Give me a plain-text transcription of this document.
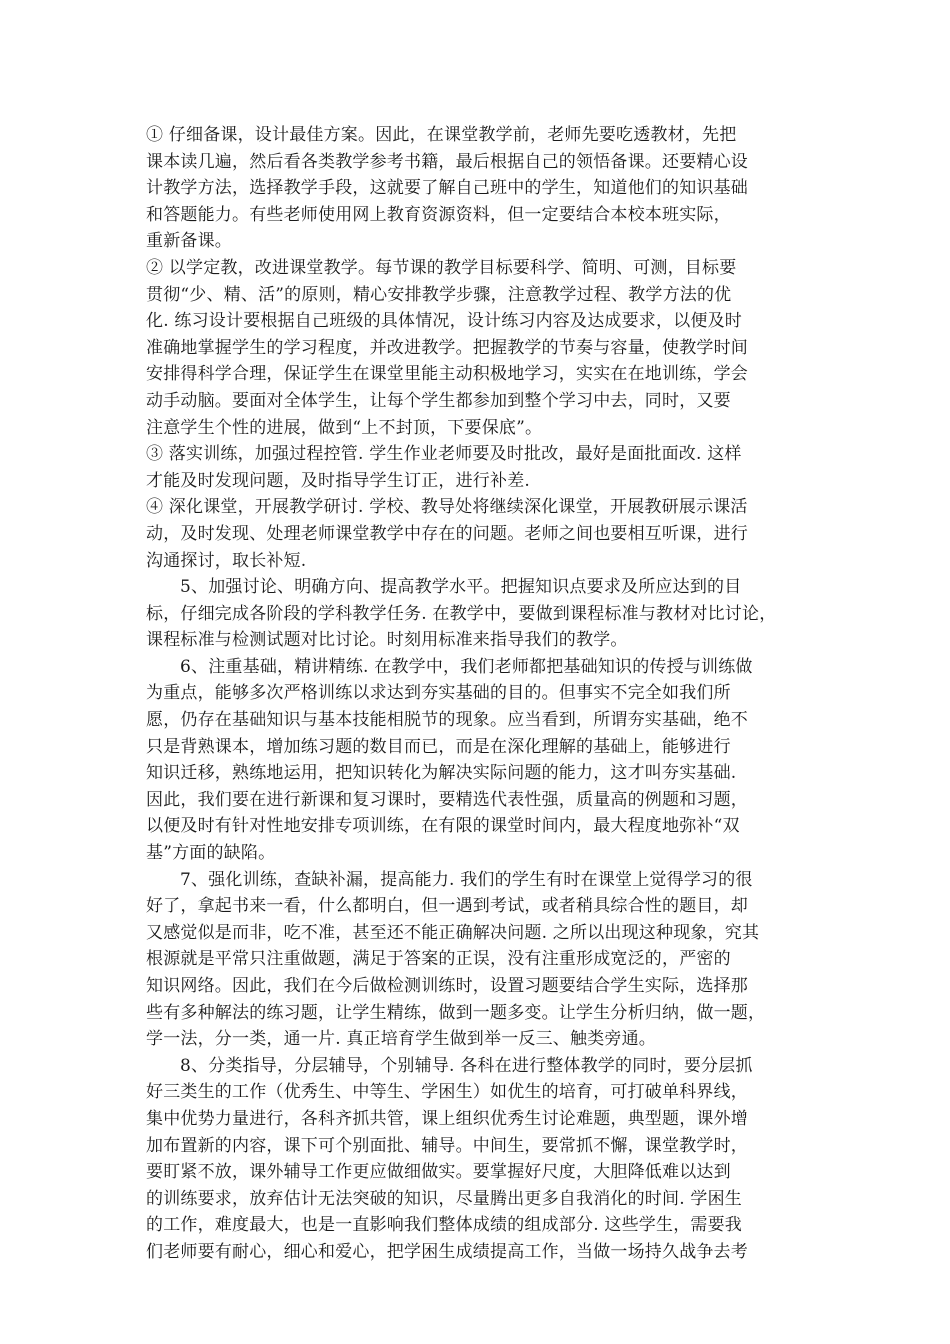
① 仔细备课，设计最佳方案。因此，在课堂教学前，老师先要吃透教材，先把
课本读几遍，然后看各类教学参考书籍，最后根据自己的领悟备课。还要精心设
计教学方法，选择教学手段，这就要了解自己班中的学生，知道他们的知识基础
和答题能力。有些老师使用网上教育资源资料，但一定要结合本校本班实际，
重新备课。
② 以学定教，改进课堂教学。每节课的教学目标要科学、简明、可测，目标要
贯彻“少、精、活”的原则，精心安排教学步骤，注意教学过程、教学方法的优
化. 练习设计要根据自己班级的具体情况，设计练习内容及达成要求，以便及时
准确地掌握学生的学习程度，并改进教学。把握教学的节奏与容量，使教学时间
安排得科学合理，保证学生在课堂里能主动积极地学习，实实在在地训练，学会
动手动脑。要面对全体学生，让每个学生都参加到整个学习中去，同时，又要
注意学生个性的进展，做到“上不封顶，下要保底”。
③ 落实训练，加强过程控管. 学生作业老师要及时批改，最好是面批面改. 这样
才能及时发现问题，及时指导学生订正，进行补差.
④ 深化课堂，开展教学研讨. 学校、教导处将继续深化课堂，开展教研展示课活
动，及时发现、处理老师课堂教学中存在的问题。老师之间也要相互听课，进行
沟通探讨，取长补短.
5、加强讨论、明确方向、提高教学水平。把握知识点要求及所应达到的目
标，仔细完成各阶段的学科教学任务. 在教学中，要做到课程标准与教材对比讨论，
课程标准与检测试题对比讨论。时刻用标准来指导我们的教学。
6、注重基础，精讲精练. 在教学中，我们老师都把基础知识的传授与训练做
为重点，能够多次严格训练以求达到夯实基础的目的。但事实不完全如我们所
愿，仍存在基础知识与基本技能相脱节的现象。应当看到，所谓夯实基础，绝不
只是背熟课本，增加练习题的数目而已，而是在深化理解的基础上，能够进行
知识迁移，熟练地运用，把知识转化为解决实际问题的能力，这才叫夯实基础.
因此，我们要在进行新课和复习课时，要精选代表性强，质量高的例题和习题，
以便及时有针对性地安排专项训练，在有限的课堂时间内，最大程度地弥补“双
基”方面的缺陷。
7、强化训练，查缺补漏，提高能力. 我们的学生有时在课堂上觉得学习的很
好了，拿起书来一看，什么都明白，但一遇到考试，或者稍具综合性的题目，却
又感觉似是而非，吃不准，甚至还不能正确解决问题. 之所以出现这种现象，究其
根源就是平常只注重做题，满足于答案的正误，没有注重形成宽泛的，严密的
知识网络。因此，我们在今后做检测训练时，设置习题要结合学生实际，选择那
些有多种解法的练习题，让学生精练，做到一题多变。让学生分析归纳，做一题，
学一法，分一类，通一片. 真正培育学生做到举一反三、触类旁通。
8、分类指导，分层辅导，个别辅导. 各科在进行整体教学的同时，要分层抓
好三类生的工作（优秀生、中等生、学困生）如优生的培育，可打破单科界线，
集中优势力量进行，各科齐抓共管，课上组织优秀生讨论难题，典型题，课外增
加布置新的内容，课下可个别面批、辅导。中间生，要常抓不懈，课堂教学时，
要盯紧不放，课外辅导工作更应做细做实。要掌握好尺度，大胆降低难以达到
的训练要求，放弃估计无法突破的知识，尽量腾出更多自我消化的时间. 学困生
的工作，难度最大，也是一直影响我们整体成绩的组成部分. 这些学生，需要我
们老师要有耐心，细心和爱心，把学困生成绩提高工作，当做一场持久战争去考
